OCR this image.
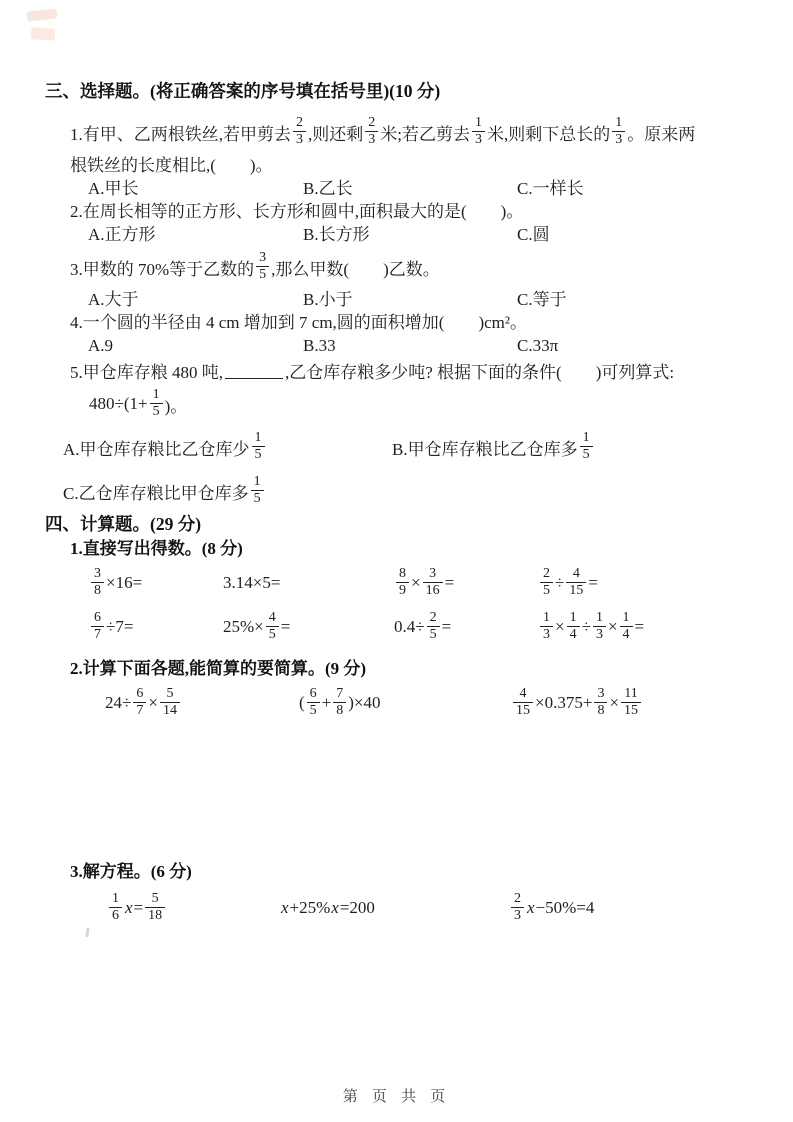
三、选择题。(将正确答案的序号填在括号里)(10 分)
1.有甲、乙两根铁丝,若甲剪去 $\frac{2}{3}$ ,则还剩 $\frac{2}{3}$ 米;若乙剪去 $\frac{1}{3}$ 米,则剩下总长的 $\frac{1}{3}$ 。原来两
根铁丝的长度相比,(　　)。
A.甲长	B.乙长	C.一样长
2.在周长相等的正方形、长方形和圆中,面积最大的是(　　)。
A.正方形	B.长方形	C.圆
3.甲数的 70%等于乙数的 $\frac{3}{5}$ ,那么甲数(　　)乙数。
A.大于	B.小于	C.等于
4.一个圆的半径由 4 cm 增加到 7 cm,圆的面积增加(　　)cm²。
A.9	B.33	C.33π
5.甲仓库存粮 480 吨,	,乙仓库存粮多少吨? 根据下面的条件(　　)可列算式:
$480\div(1+ \frac{1}{5}$ )。
A.甲仓库存粮比乙仓库少 $\frac{1}{5}$	B.甲仓库存粮比乙仓库多 $\frac{1}{5}$
C.乙仓库存粮比甲仓库多 $\frac{1}{5}$
四、计算题。(29 分)
1.直接写出得数。(8 分)
$\frac{3}{8} \times 16=$	3.14×5=	$\frac{8}{9} \times \frac{3}{16}$ =	$\frac{2}{5} \div \frac{4}{15}$ =
$\frac{6}{7} \div 7=$	$25\%\times \frac{4}{5}$ =	$0.4\div \frac{2}{5}$ =	$\frac{1}{3} \times \frac{1}{4} \div \frac{1}{3} \times \frac{1}{4}$ =
2.计算下面各题,能简算的要简算。(9 分)
$24\div \frac{6}{7} \times \frac{5}{14}$	( $\frac{6}{5} + \frac{7}{8} )\times 40$	$\frac{4}{15} \times 0.375+ \frac{3}{8} \times \frac{11}{15}$
3.解方程。(6 分)
$\frac{1}{6}$ $x = \frac{5}{18}$	x +25% x =200	$\frac{2}{3}$ x −50%=4
第 页 共 页
